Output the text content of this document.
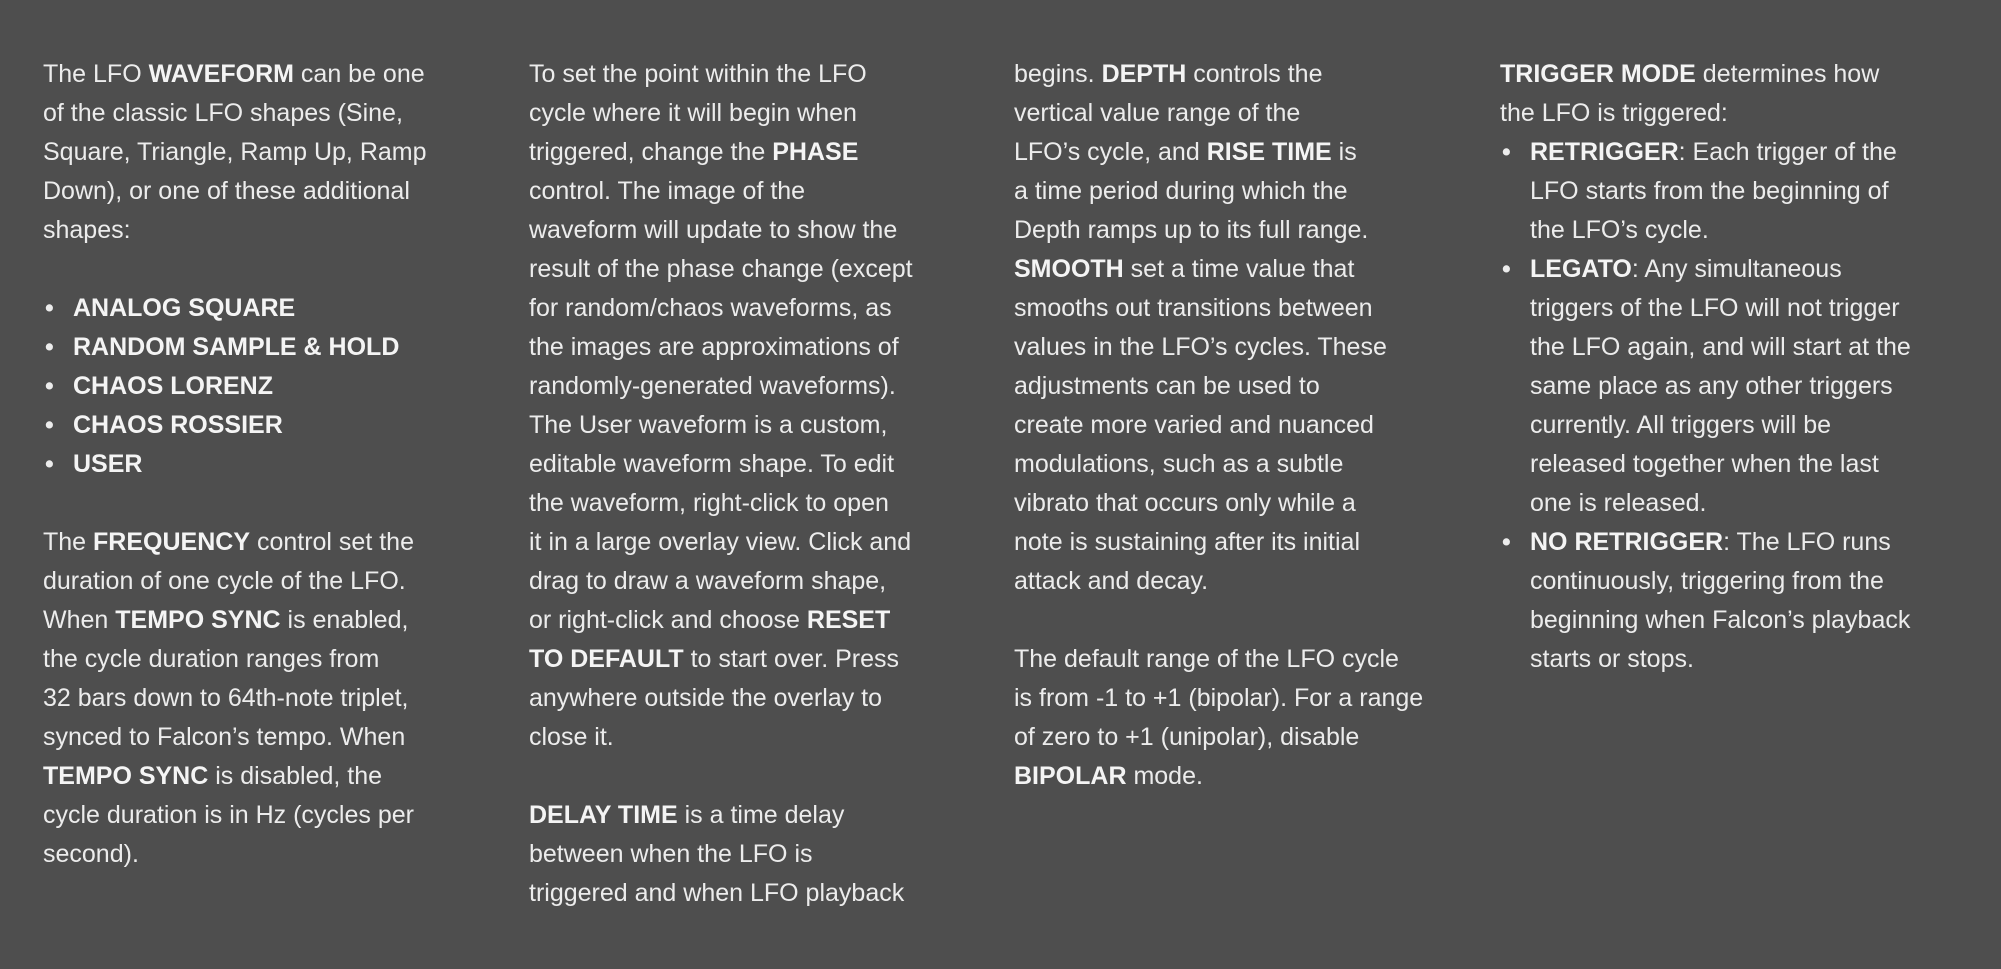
The LFO WAVEFORM can be one
of the classic LFO shapes (Sine,
Square, Triangle, Ramp Up, Ramp
Down), or one of these additional
shapes:

• ANALOG SQUARE
• RANDOM SAMPLE & HOLD
• CHAOS LORENZ
• CHAOS ROSSIER
• USER

The FREQUENCY control set the
duration of one cycle of the LFO.
When TEMPO SYNC is enabled,
the cycle duration ranges from
32 bars down to 64th-note triplet,
synced to Falcon’s tempo. When
TEMPO SYNC is disabled, the
cycle duration is in Hz (cycles per
second).

To set the point within the LFO
cycle where it will begin when
triggered, change the PHASE
control. The image of the
waveform will update to show the
result of the phase change (except
for random/chaos waveforms, as
the images are approximations of
randomly-generated waveforms).
The User waveform is a custom,
editable waveform shape. To edit
the waveform, right-click to open
it in a large overlay view. Click and
drag to draw a waveform shape,
or right-click and choose RESET
TO DEFAULT to start over. Press
anywhere outside the overlay to
close it.

DELAY TIME is a time delay
between when the LFO is
triggered and when LFO playback

begins. DEPTH controls the
vertical value range of the
LFO’s cycle, and RISE TIME is
a time period during which the
Depth ramps up to its full range.
SMOOTH set a time value that
smooths out transitions between
values in the LFO’s cycles. These
adjustments can be used to
create more varied and nuanced
modulations, such as a subtle
vibrato that occurs only while a
note is sustaining after its initial
attack and decay.

The default range of the LFO cycle
is from -1 to +1 (bipolar). For a range
of zero to +1 (unipolar), disable
BIPOLAR mode.

TRIGGER MODE determines how
the LFO is triggered:

• RETRIGGER: Each trigger of the
LFO starts from the beginning of
the LFO’s cycle.
• LEGATO: Any simultaneous
triggers of the LFO will not trigger
the LFO again, and will start at the
same place as any other triggers
currently. All triggers will be
released together when the last
one is released.
• NO RETRIGGER: The LFO runs
continuously, triggering from the
beginning when Falcon’s playback
starts or stops.
